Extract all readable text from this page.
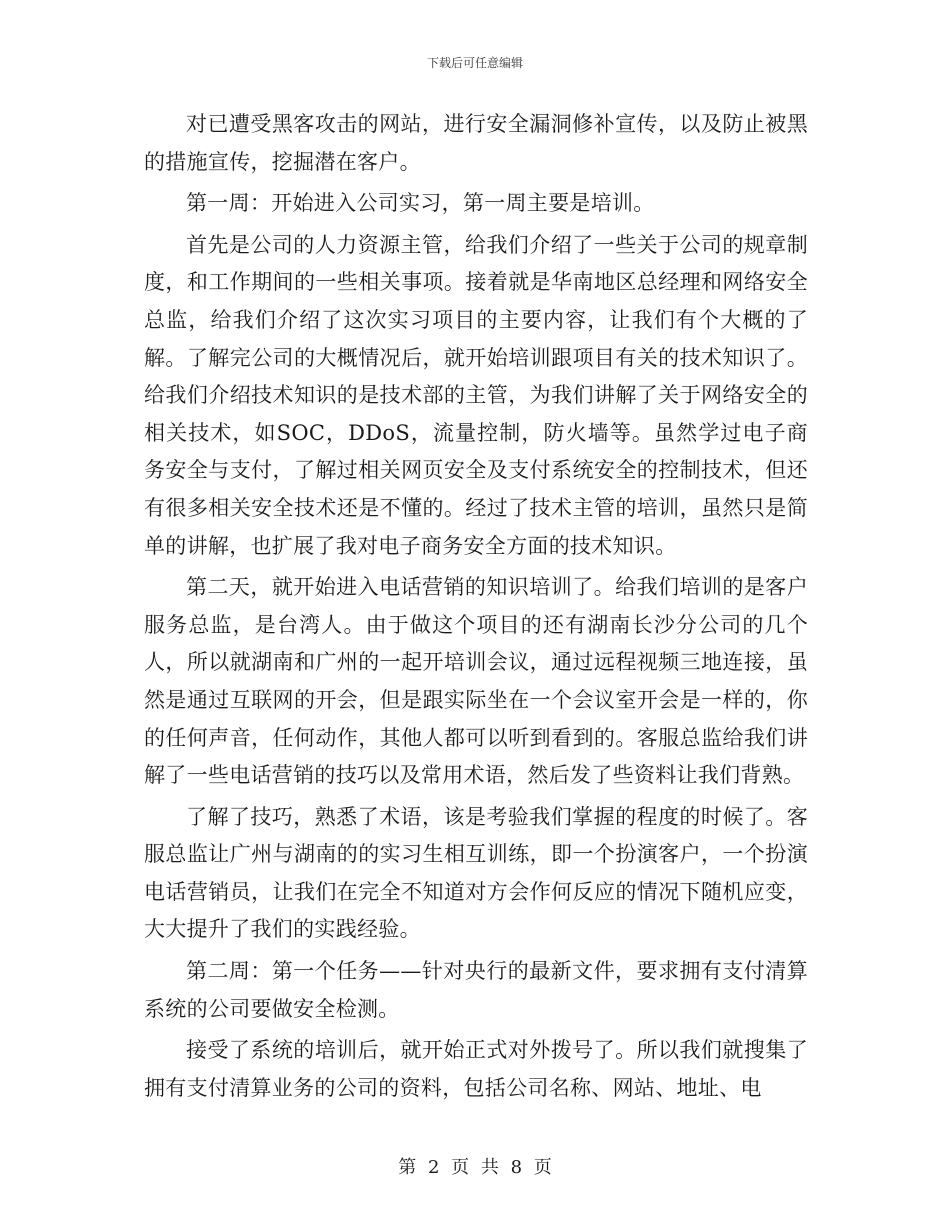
下载后可任意编辑

对已遭受黑客攻击的网站，进行安全漏洞修补宣传，以及防止被黑的措施宣传，挖掘潜在客户。

第一周：开始进入公司实习，第一周主要是培训。

首先是公司的人力资源主管，给我们介绍了一些关于公司的规章制度，和工作期间的一些相关事项。接着就是华南地区总经理和网络安全总监，给我们介绍了这次实习项目的主要内容，让我们有个大概的了解。了解完公司的大概情况后，就开始培训跟项目有关的技术知识了。给我们介绍技术知识的是技术部的主管，为我们讲解了关于网络安全的相关技术，如SOC，DDoS，流量控制，防火墙等。虽然学过电子商务安全与支付，了解过相关网页安全及支付系统安全的控制技术，但还有很多相关安全技术还是不懂的。经过了技术主管的培训，虽然只是简单的讲解，也扩展了我对电子商务安全方面的技术知识。

第二天，就开始进入电话营销的知识培训了。给我们培训的是客户服务总监，是台湾人。由于做这个项目的还有湖南长沙分公司的几个人，所以就湖南和广州的一起开培训会议，通过远程视频三地连接，虽然是通过互联网的开会，但是跟实际坐在一个会议室开会是一样的，你的任何声音，任何动作，其他人都可以听到看到的。客服总监给我们讲解了一些电话营销的技巧以及常用术语，然后发了些资料让我们背熟。

了解了技巧，熟悉了术语，该是考验我们掌握的程度的时候了。客服总监让广州与湖南的的实习生相互训练，即一个扮演客户，一个扮演电话营销员，让我们在完全不知道对方会作何反应的情况下随机应变，大大提升了我们的实践经验。

第二周：第一个任务——针对央行的最新文件，要求拥有支付清算系统的公司要做安全检测。

接受了系统的培训后，就开始正式对外拨号了。所以我们就搜集了拥有支付清算业务的公司的资料，包括公司名称、网站、地址、电

第 2 页 共 8 页
